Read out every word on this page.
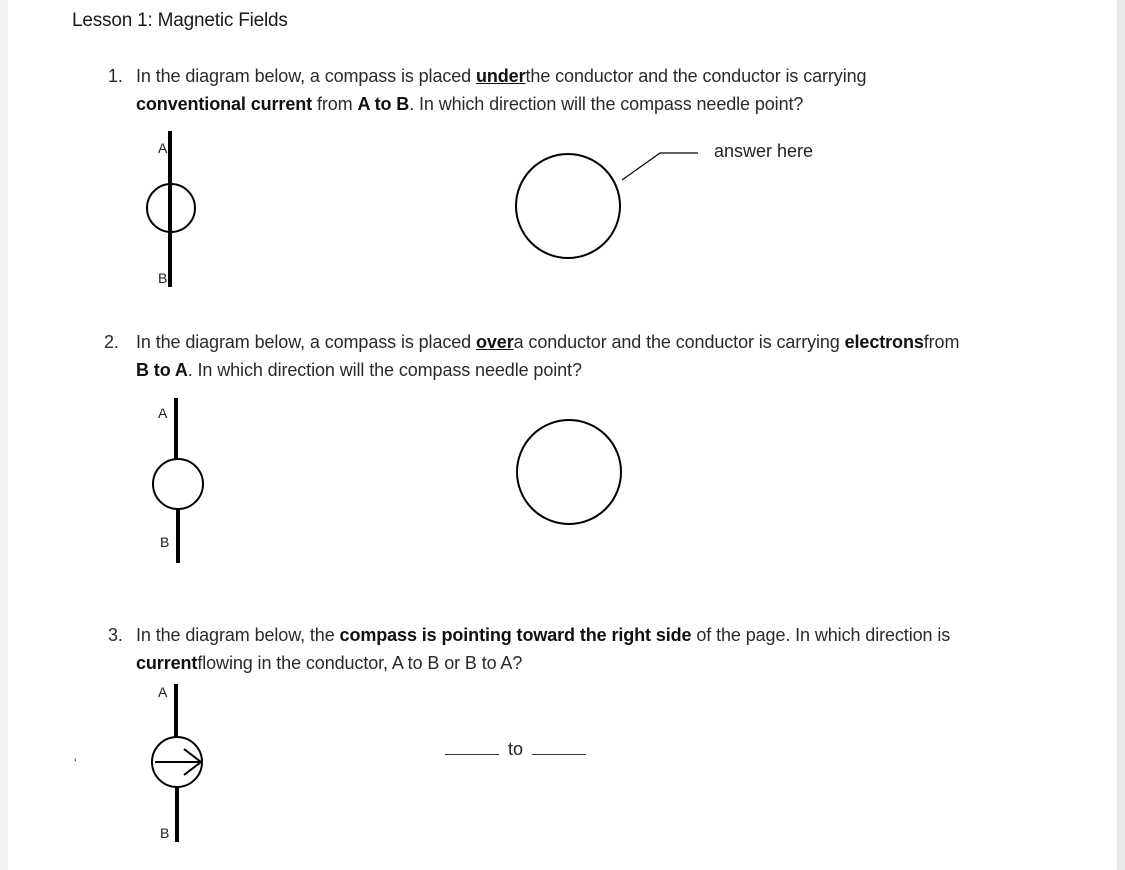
Lesson 1: Magnetic Fields
1. In the diagram below, a compass is placed underthe conductor and the conductor is carrying
conventional current from A to B. In which direction will the compass needle point?
2. In the diagram below, a compass is placed overa conductor and the conductor is carrying electronsfrom
B to A. In which direction will the compass needle point?
3. In the diagram below, the compass is pointing toward the right side of the page. In which direction is
currentflowing in the conductor, A to B or B to A?
A
B
A
B
A
B
answer here
to
ʻ
